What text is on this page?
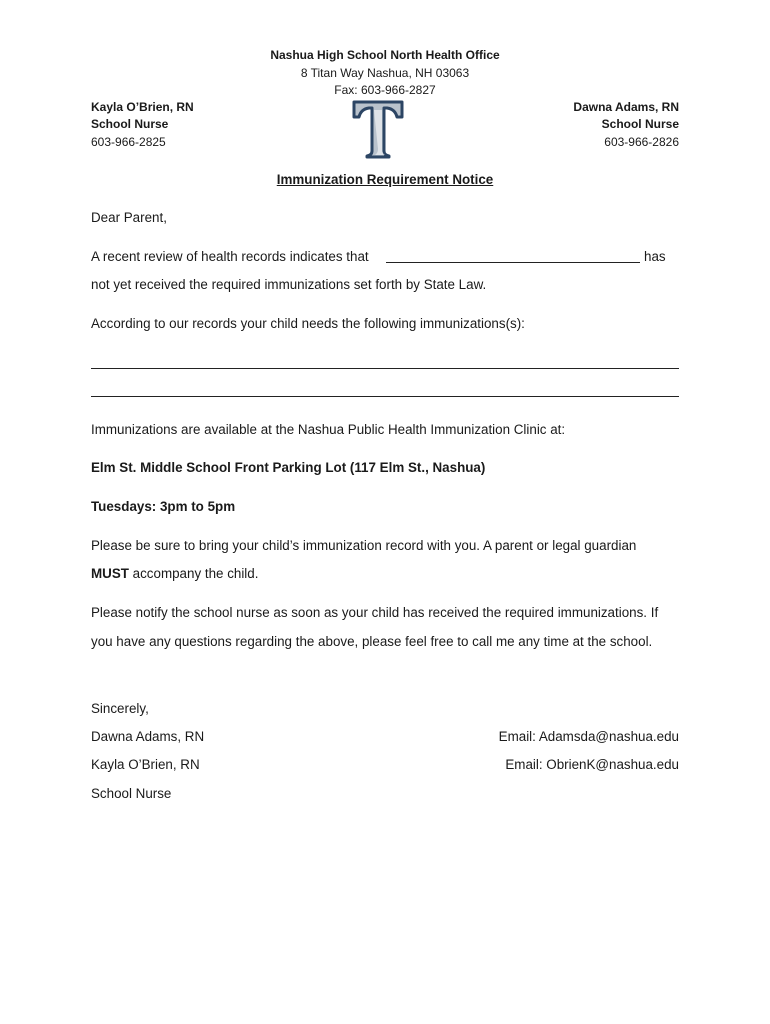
Nashua High School North Health Office
8 Titan Way Nashua, NH 03063
Fax: 603-966-2827
Kayla O’Brien, RN
School Nurse
603-966-2825
Dawna Adams, RN
School Nurse
603-966-2826
Immunization Requirement Notice
Dear Parent,
A recent review of health records indicates that	has
not yet received the required immunizations set forth by State Law.
According to our records your child needs the following immunizations(s):
Immunizations are available at the Nashua Public Health Immunization Clinic at:
Elm St. Middle School Front Parking Lot (117 Elm St., Nashua)
Tuesdays: 3pm to 5pm
Please be sure to bring your child’s immunization record with you. A parent or legal guardian
MUST accompany the child.
Please notify the school nurse as soon as your child has received the required immunizations. If
you have any questions regarding the above, please feel free to call me any time at the school.
Sincerely,
Dawna Adams, RN
Kayla O’Brien, RN
School Nurse
Email: Adamsda@nashua.edu
Email: ObrienK@nashua.edu
